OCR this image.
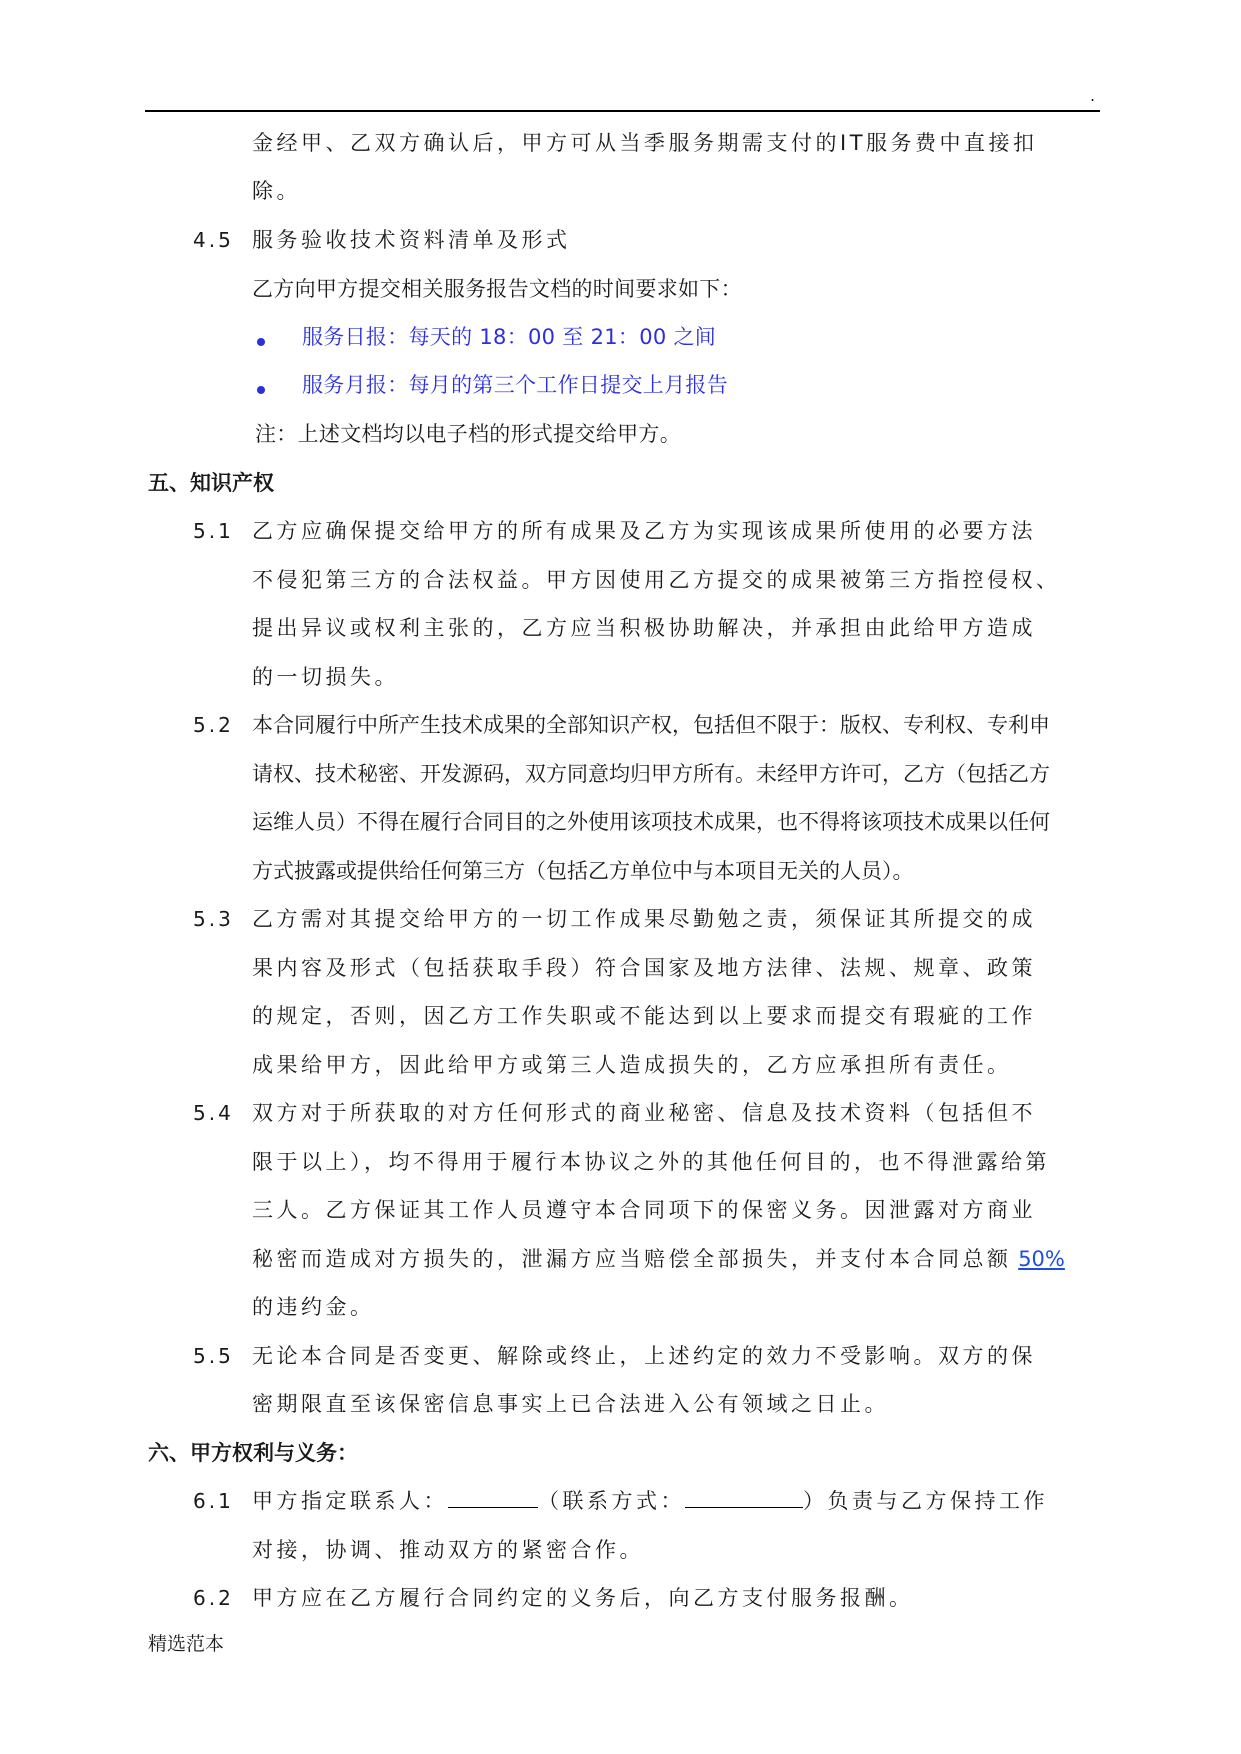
.
金经甲、乙双方确认后，甲方可从当季服务期需支付的IT服务费中直接扣
除。
4.5 服务验收技术资料清单及形式
乙方向甲方提交相关服务报告文档的时间要求如下：
服务日报：每天的 18：00 至 21：00 之间
服务月报：每月的第三个工作日提交上月报告
注：上述文档均以电子档的形式提交给甲方。
五、知识产权
5.1 乙方应确保提交给甲方的所有成果及乙方为实现该成果所使用的必要方法
不侵犯第三方的合法权益。甲方因使用乙方提交的成果被第三方指控侵权、
提出异议或权利主张的，乙方应当积极协助解决，并承担由此给甲方造成
的一切损失。
5.2 本合同履行中所产生技术成果的全部知识产权，包括但不限于：版权、专利权、专利申
请权、技术秘密、开发源码，双方同意均归甲方所有。未经甲方许可，乙方（包括乙方
运维人员）不得在履行合同目的之外使用该项技术成果，也不得将该项技术成果以任何
方式披露或提供给任何第三方（包括乙方单位中与本项目无关的人员）。
5.3 乙方需对其提交给甲方的一切工作成果尽勤勉之责，须保证其所提交的成
果内容及形式（包括获取手段）符合国家及地方法律、法规、规章、政策
的规定，否则，因乙方工作失职或不能达到以上要求而提交有瑕疵的工作
成果给甲方，因此给甲方或第三人造成损失的，乙方应承担所有责任。
5.4 双方对于所获取的对方任何形式的商业秘密、信息及技术资料（包括但不
限于以上），均不得用于履行本协议之外的其他任何目的，也不得泄露给第
三人。乙方保证其工作人员遵守本合同项下的保密义务。因泄露对方商业
秘密而造成对方损失的，泄漏方应当赔偿全部损失，并支付本合同总额 50%
的违约金。
5.5 无论本合同是否变更、解除或终止，上述约定的效力不受影响。双方的保
密期限直至该保密信息事实上已合法进入公有领域之日止。
六、甲方权利与义务：
6.1 甲方指定联系人：	（联系方式：	）负责与乙方保持工作
对接，协调、推动双方的紧密合作。
6.2 甲方应在乙方履行合同约定的义务后，向乙方支付服务报酬。
精选范本
